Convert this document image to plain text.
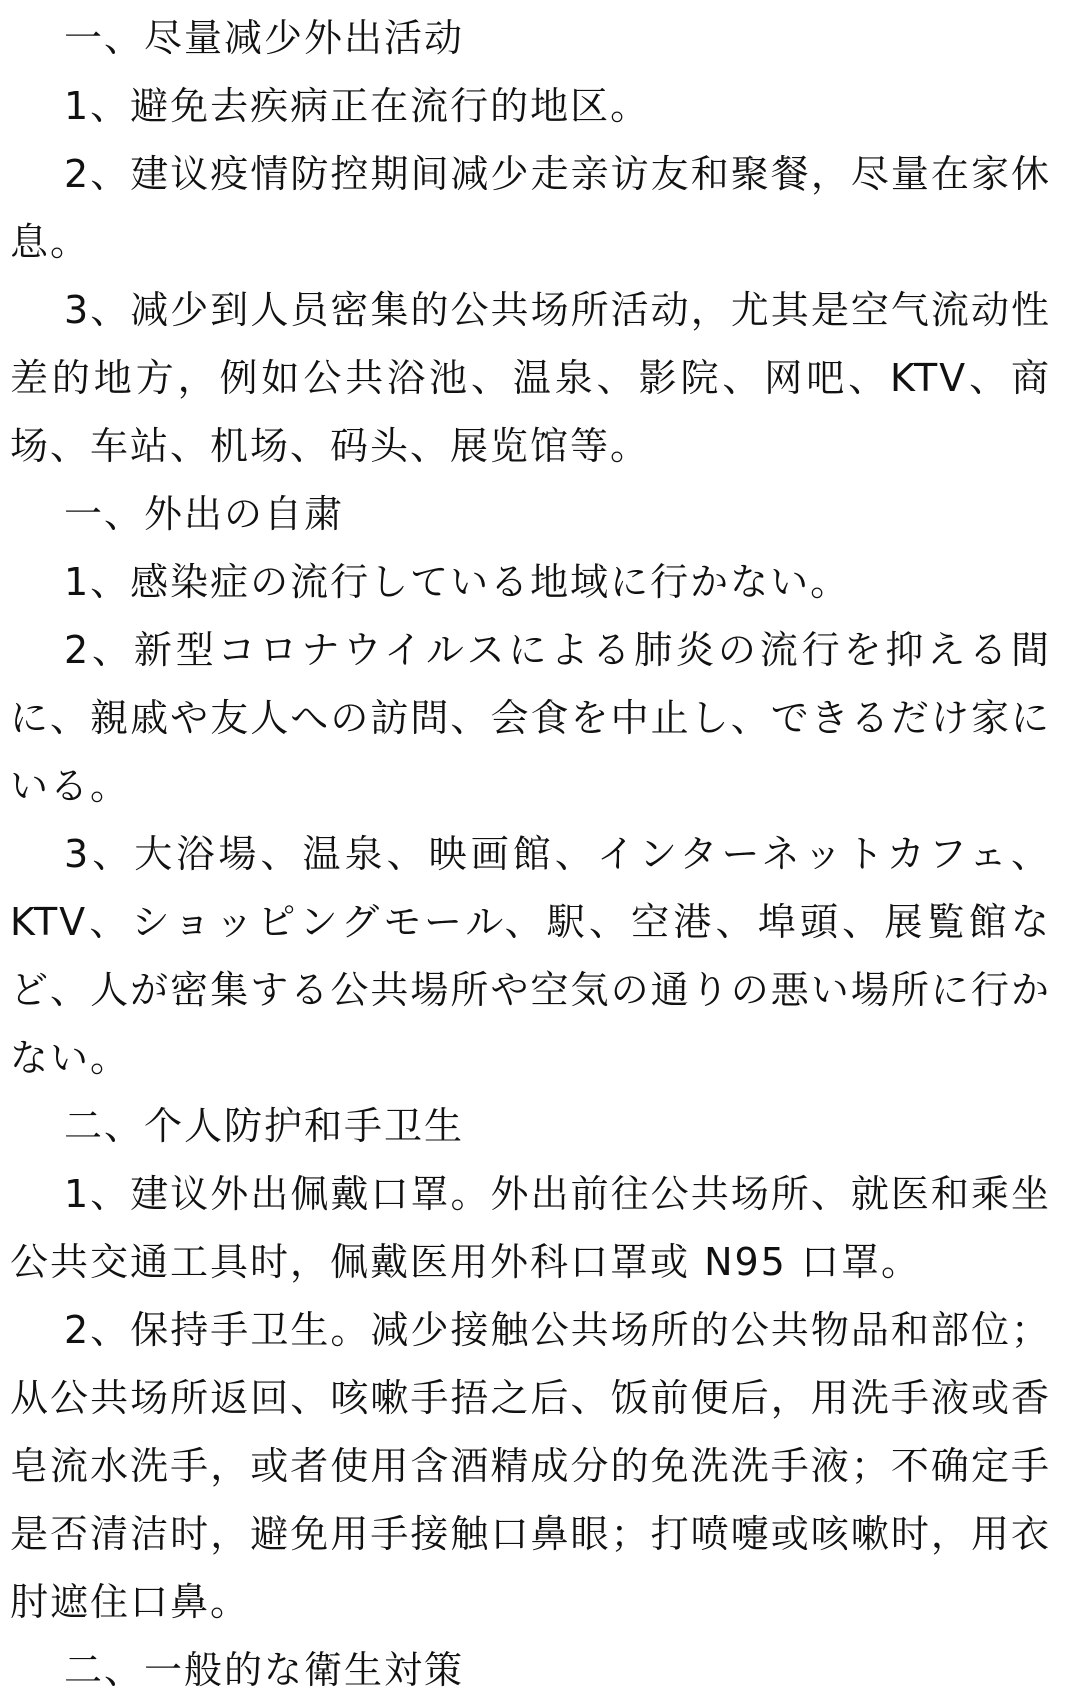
一、尽量减少外出活动

1、避免去疾病正在流行的地区。

2、建议疫情防控期间减少走亲访友和聚餐，尽量在家休息。

3、减少到人员密集的公共场所活动，尤其是空气流动性差的地方，例如公共浴池、温泉、影院、网吧、KTV、商场、车站、机场、码头、展览馆等。

一、外出の自粛

1、感染症の流行している地域に行かない。

2、新型コロナウイルスによる肺炎の流行を抑える間に、親戚や友人への訪問、会食を中止し、できるだけ家にいる。

3、大浴場、温泉、映画館、インターネットカフェ、KTV、ショッピングモール、駅、空港、埠頭、展覧館など、人が密集する公共場所や空気の通りの悪い場所に行かない。

二、个人防护和手卫生

1、建议外出佩戴口罩。外出前往公共场所、就医和乘坐公共交通工具时，佩戴医用外科口罩或 N95 口罩。

2、保持手卫生。减少接触公共场所的公共物品和部位；从公共场所返回、咳嗽手捂之后、饭前便后，用洗手液或香皂流水洗手，或者使用含酒精成分的免洗洗手液；不确定手是否清洁时，避免用手接触口鼻眼；打喷嚏或咳嗽时，用衣肘遮住口鼻。

二、一般的な衛生対策
